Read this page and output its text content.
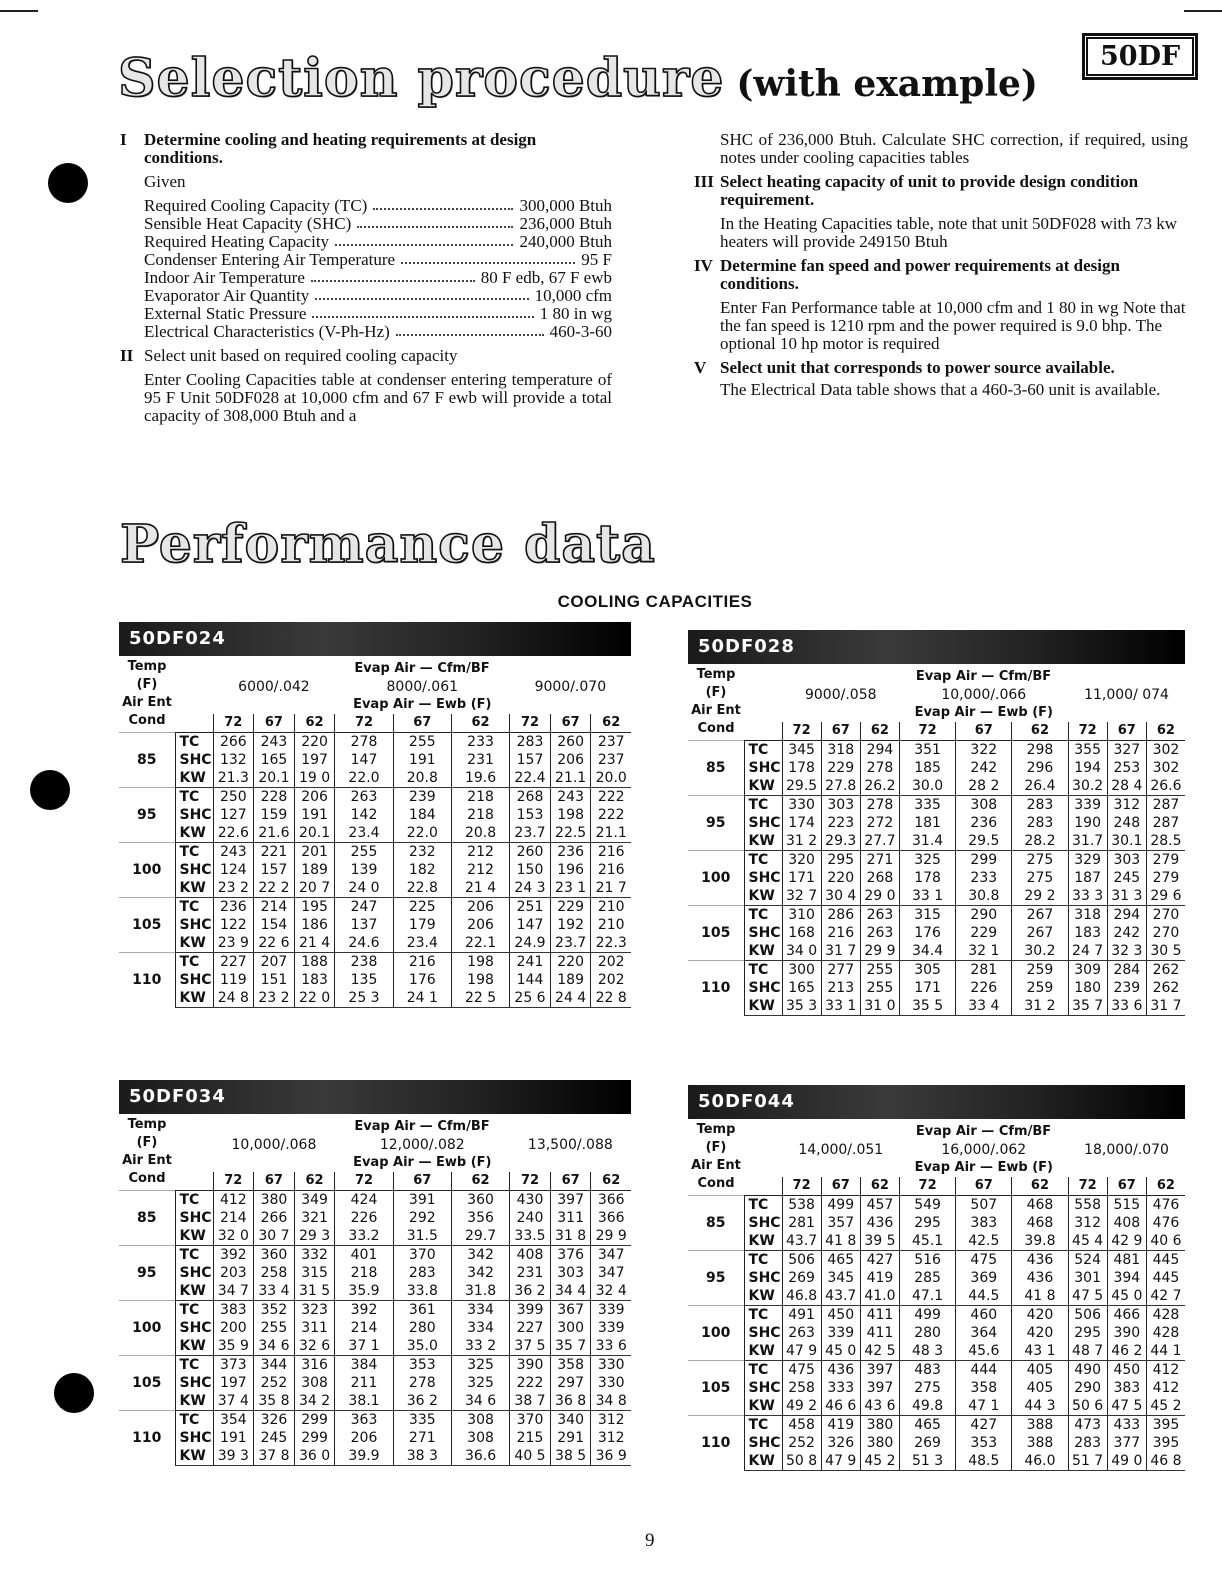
Selection procedure (with example)
50DF
I	Determine cooling and heating requirements at design conditions.
Given
Required Cooling Capacity (TC)	300,000 Btuh
Sensible Heat Capacity (SHC)	236,000 Btuh
Required Heating Capacity	240,000 Btuh
Condenser Entering Air Temperature	95 F
Indoor Air Temperature	80 F edb, 67 F ewb
Evaporator Air Quantity	10,000 cfm
External Static Pressure	1 80 in wg
Electrical Characteristics (V-Ph-Hz)	460-3-60
II Select unit based on required cooling capacity
Enter Cooling Capacities table at condenser entering temperature of 95 F Unit 50DF028 at 10,000 cfm and 67 F ewb will provide a total capacity of 308,000 Btuh and a
SHC of 236,000 Btuh. Calculate SHC correction, if required, using notes under cooling capacities tables
III Select heating capacity of unit to provide design condition requirement.
In the Heating Capacities table, note that unit 50DF028 with 73 kw heaters will provide 249150 Btuh
IV Determine fan speed and power requirements at design conditions.
Enter Fan Performance table at 10,000 cfm and 1 80 in wg Note that the fan speed is 1210 rpm and the power required is 9.0 bhp. The optional 10 hp motor is required
V Select unit that corresponds to power source available.
The Electrical Data table shows that a 460-3-60 unit is available.
Performance data
COOLING CAPACITIES
50DF024
Temp (F)
Air Ent
Cond		Evap Air — Cfm/BF								
		6000/.042			8000/.061			9000/.070		
					Evap Air — Ewb (F)					
		72	67	62	72	67	62	72	67	62
85	TC	266	243	220	278	255	233	283	260	237
	SHC	132	165	197	147	191	231	157	206	237
	KW	21.3	20.1	19 0	22.0	20.8	19.6	22.4	21.1	20.0
95	TC	250	228	206	263	239	218	268	243	222
	SHC	127	159	191	142	184	218	153	198	222
	KW	22.6	21.6	20.1	23.4	22.0	20.8	23.7	22.5	21.1
100	TC	243	221	201	255	232	212	260	236	216
	SHC	124	157	189	139	182	212	150	196	216
	KW	23 2	22 2	20 7	24 0	22.8	21 4	24 3	23 1	21 7
105	TC	236	214	195	247	225	206	251	229	210
	SHC	122	154	186	137	179	206	147	192	210
	KW	23 9	22 6	21 4	24.6	23.4	22.1	24.9	23.7	22.3
110	TC	227	207	188	238	216	198	241	220	202
	SHC	119	151	183	135	176	198	144	189	202
	KW	24 8	23 2	22 0	25 3	24 1	22 5	25 6	24 4	22 8
50DF028
Temp (F)
Air Ent
Cond		Evap Air — Cfm/BF								
		9000/.058			10,000/.066			11,000/ 074		
					Evap Air — Ewb (F)					
		72	67	62	72	67	62	72	67	62
85	TC	345	318	294	351	322	298	355	327	302
	SHC	178	229	278	185	242	296	194	253	302
	KW	29.5	27.8	26.2	30.0	28 2	26.4	30.2	28 4	26.6
95	TC	330	303	278	335	308	283	339	312	287
	SHC	174	223	272	181	236	283	190	248	287
	KW	31 2	29.3	27.7	31.4	29.5	28.2	31.7	30.1	28.5
100	TC	320	295	271	325	299	275	329	303	279
	SHC	171	220	268	178	233	275	187	245	279
	KW	32 7	30 4	29 0	33 1	30.8	29 2	33 3	31 3	29 6
105	TC	310	286	263	315	290	267	318	294	270
	SHC	168	216	263	176	229	267	183	242	270
	KW	34 0	31 7	29 9	34.4	32 1	30.2	24 7	32 3	30 5
110	TC	300	277	255	305	281	259	309	284	262
	SHC	165	213	255	171	226	259	180	239	262
	KW	35 3	33 1	31 0	35 5	33 4	31 2	35 7	33 6	31 7
50DF034
Temp (F)
Air Ent
Cond		Evap Air — Cfm/BF								
		10,000/.068			12,000/.082			13,500/.088		
					Evap Air — Ewb (F)					
		72	67	62	72	67	62	72	67	62
85	TC	412	380	349	424	391	360	430	397	366
	SHC	214	266	321	226	292	356	240	311	366
	KW	32 0	30 7	29 3	33.2	31.5	29.7	33.5	31 8	29 9
95	TC	392	360	332	401	370	342	408	376	347
	SHC	203	258	315	218	283	342	231	303	347
	KW	34 7	33 4	31 5	35.9	33.8	31.8	36 2	34 4	32 4
100	TC	383	352	323	392	361	334	399	367	339
	SHC	200	255	311	214	280	334	227	300	339
	KW	35 9	34 6	32 6	37 1	35.0	33 2	37 5	35 7	33 6
105	TC	373	344	316	384	353	325	390	358	330
	SHC	197	252	308	211	278	325	222	297	330
	KW	37 4	35 8	34 2	38.1	36 2	34 6	38 7	36 8	34 8
110	TC	354	326	299	363	335	308	370	340	312
	SHC	191	245	299	206	271	308	215	291	312
	KW	39 3	37 8	36 0	39.9	38 3	36.6	40 5	38 5	36 9
50DF044
Temp (F)
Air Ent
Cond		Evap Air — Cfm/BF								
		14,000/.051			16,000/.062			18,000/.070		
					Evap Air — Ewb (F)					
		72	67	62	72	67	62	72	67	62
85	TC	538	499	457	549	507	468	558	515	476
	SHC	281	357	436	295	383	468	312	408	476
	KW	43.7	41 8	39 5	45.1	42.5	39.8	45 4	42 9	40 6
95	TC	506	465	427	516	475	436	524	481	445
	SHC	269	345	419	285	369	436	301	394	445
	KW	46.8	43.7	41.0	47.1	44.5	41 8	47 5	45 0	42 7
100	TC	491	450	411	499	460	420	506	466	428
	SHC	263	339	411	280	364	420	295	390	428
	KW	47 9	45 0	42 5	48 3	45.6	43 1	48 7	46 2	44 1
105	TC	475	436	397	483	444	405	490	450	412
	SHC	258	333	397	275	358	405	290	383	412
	KW	49 2	46 6	43 6	49.8	47 1	44 3	50 6	47 5	45 2
110	TC	458	419	380	465	427	388	473	433	395
	SHC	252	326	380	269	353	388	283	377	395
	KW	50 8	47 9	45 2	51 3	48.5	46.0	51 7	49 0	46 8
9
